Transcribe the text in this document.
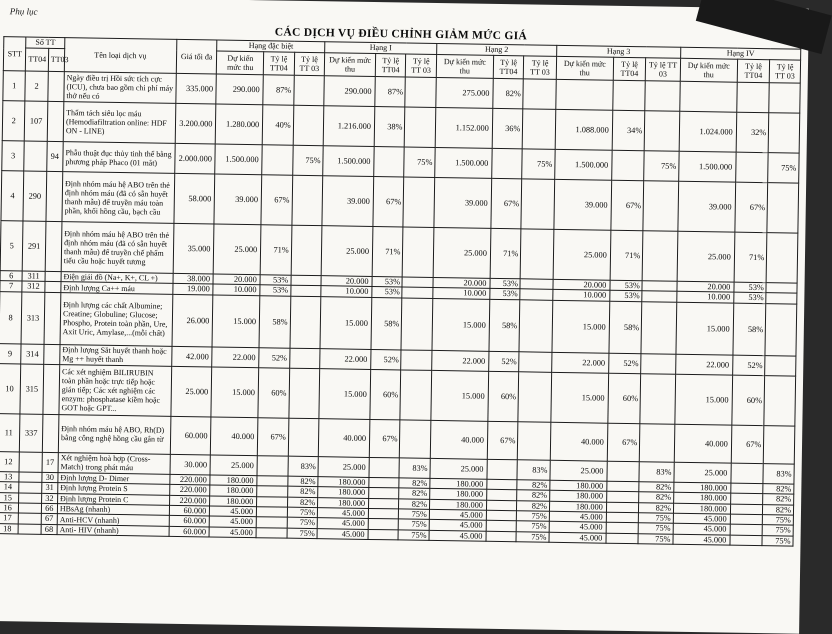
Phụ lục
CÁC DỊCH VỤ ĐIỀU CHỈNH GIẢM MỨC GIÁ
STT	Số TT		Tên loại dịch vụ	Giá tối đa	Hạng đặc biệt			Hạng I			Hạng 2			Hạng 3			Hạng IV		
	TT04	TT03			Dự kiến mức thu	Tỷ lệ TT04	Tỷ lệ TT 03	Dự kiến mức thu	Tỷ lệ TT04	Tỷ lệ TT 03	Dự kiến mức thu	Tỷ lệ TT04	Tỷ lệ TT 03	Dự kiến mức thu	Tỷ lệ TT04	Tỷ lệ TT 03	Dự kiến mức thu	Tỷ lệ TT04	Tỷ lệ TT 03
1	2		Ngày điều trị Hồi sức tích cực (ICU), chưa bao gồm chi phí máy thở nếu có	335.000	290.000	87%		290.000	87%		275.000	82%							
2	107		Thẩm tách siêu lọc máu (Hemodiafiltration online: HDF ON - LINE)	3.200.000	1.280.000	40%		1.216.000	38%		1.152.000	36%		1.088.000	34%		1.024.000	32%	
3		94	Phẫu thuật đục thủy tinh thể bằng phương pháp Phaco (01 mắt)	2.000.000	1.500.000		75%	1.500.000		75%	1.500.000		75%	1.500.000		75%	1.500.000		75%
4	290		Định nhóm máu hệ ABO trên thẻ định nhóm máu (đã có sẵn huyết thanh mẫu) để truyền máu toàn phần, khối hồng cầu, bạch cầu	58.000	39.000	67%		39.000	67%		39.000	67%		39.000	67%		39.000	67%	
5	291		Định nhóm máu hệ ABO trên thẻ định nhóm máu (đã có sẵn huyết thanh mẫu) để truyền chế phẩm tiểu cầu hoặc huyết tương	35.000	25.000	71%		25.000	71%		25.000	71%		25.000	71%		25.000	71%	
6	311		Điện giải đồ (Na+, K+, CL +)	38.000	20.000	53%		20.000	53%		20.000	53%		20.000	53%		20.000	53%	
7	312		Định lượng Ca++ máu	19.000	10.000	53%		10.000	53%		10.000	53%		10.000	53%		10.000	53%	
8	313		Định lượng các chất Albumine; Creatine; Globuline; Glucose; Phospho, Protein toàn phần, Ure, Axit Uric, Amylase,...(mỗi chất)	26.000	15.000	58%		15.000	58%		15.000	58%		15.000	58%		15.000	58%	
9	314		Định lượng Sắt huyết thanh hoặc Mg ++ huyết thanh	42.000	22.000	52%		22.000	52%		22.000	52%		22.000	52%		22.000	52%	
10	315		Các xét nghiệm BILIRUBIN toàn phần hoặc trực tiếp hoặc gián tiếp; Các xét nghiệm các enzym: phosphatase kiềm hoặc GOT hoặc GPT...	25.000	15.000	60%		15.000	60%		15.000	60%		15.000	60%		15.000	60%	
11	337		Định nhóm máu hệ ABO, Rh(D) bằng công nghệ hồng cầu gắn từ	60.000	40.000	67%		40.000	67%		40.000	67%		40.000	67%		40.000	67%	
12		17	Xét nghiệm hoà hợp (Cross-Match) trong phát máu	30.000	25.000		83%	25.000		83%	25.000		83%	25.000		83%	25.000		83%
13		30	Định lượng D- Dimer	220.000	180.000		82%	180.000		82%	180.000		82%	180.000		82%	180.000		82%
14		31	Định lượng Protein S	220.000	180.000		82%	180.000		82%	180.000		82%	180.000		82%	180.000		82%
15		32	Định lượng Protein C	220.000	180.000		82%	180.000		82%	180.000		82%	180.000		82%	180.000		82%
16		66	HBsAg (nhanh)	60.000	45.000		75%	45.000		75%	45.000		75%	45.000		75%	45.000		75%
17		67	Anti-HCV (nhanh)	60.000	45.000		75%	45.000		75%	45.000		75%	45.000		75%	45.000		75%
18		68	Anti- HIV (nhanh)	60.000	45.000		75%	45.000		75%	45.000		75%	45.000		75%	45.000		75%
